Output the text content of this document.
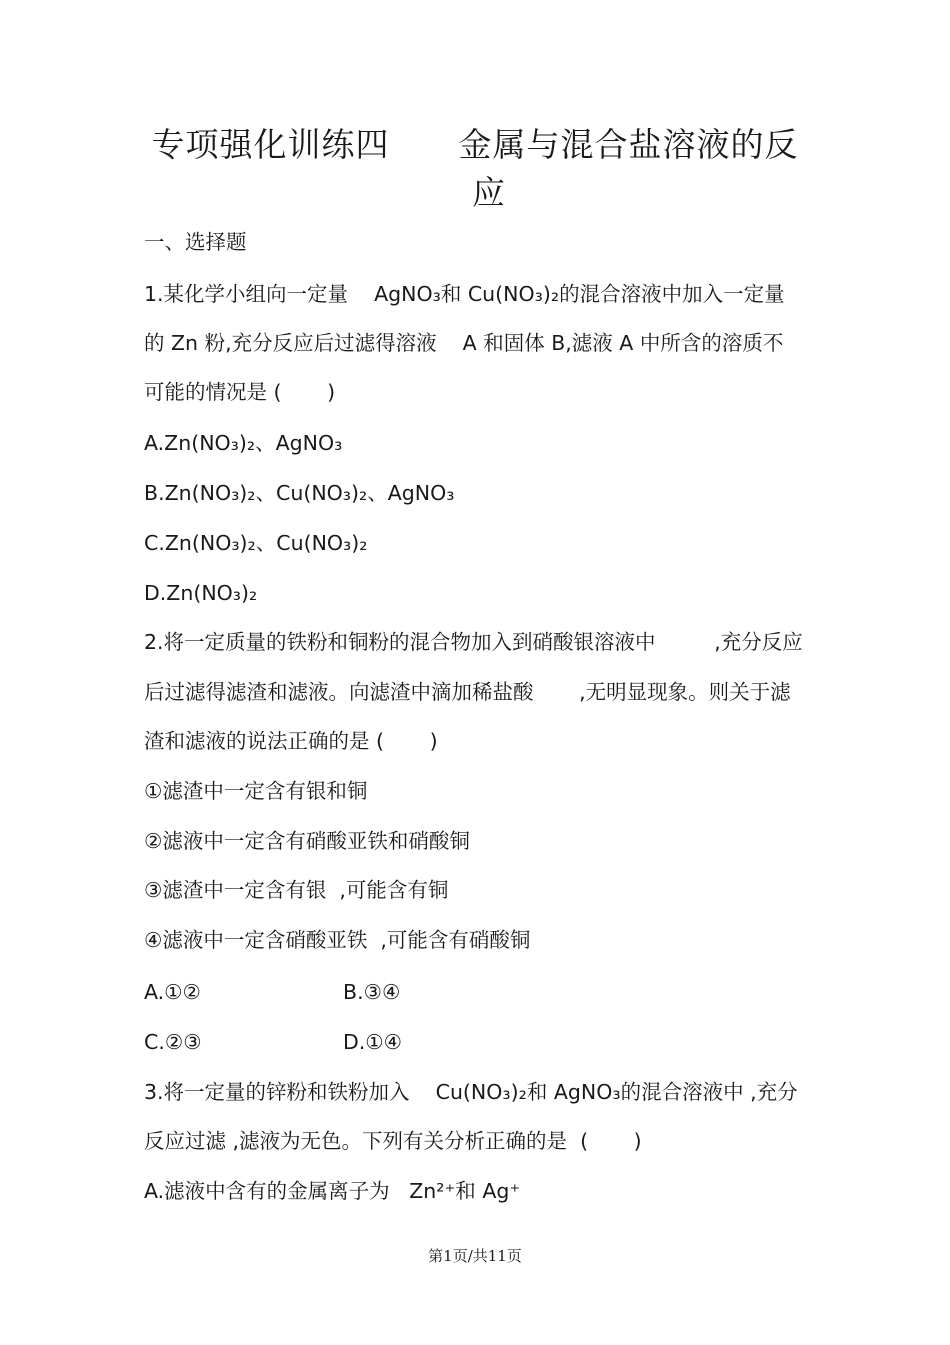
专项强化训练四      金属与混合盐溶液的反
应
一、选择题
1.某化学小组向一定量    AgNO₃和 Cu(NO₃)₂的混合溶液中加入一定量
的 Zn 粉,充分反应后过滤得溶液    A 和固体 B,滤液 A 中所含的溶质不
可能的情况是 (       )
A.Zn(NO₃)₂、AgNO₃
B.Zn(NO₃)₂、Cu(NO₃)₂、AgNO₃
C.Zn(NO₃)₂、Cu(NO₃)₂
D.Zn(NO₃)₂
2.将一定质量的铁粉和铜粉的混合物加入到硝酸银溶液中         ,充分反应
后过滤得滤渣和滤液。向滤渣中滴加稀盐酸       ,无明显现象。则关于滤
渣和滤液的说法正确的是 (       )
①滤渣中一定含有银和铜
②滤液中一定含有硝酸亚铁和硝酸铜
③滤渣中一定含有银  ,可能含有铜
④滤液中一定含硝酸亚铁  ,可能含有硝酸铜
A.①②	B.③④
C.②③	D.①④
3.将一定量的锌粉和铁粉加入    Cu(NO₃)₂和 AgNO₃的混合溶液中 ,充分
反应过滤 ,滤液为无色。下列有关分析正确的是  (       )
A.滤液中含有的金属离子为   Zn²⁺和 Ag⁺
第1页/共11页
